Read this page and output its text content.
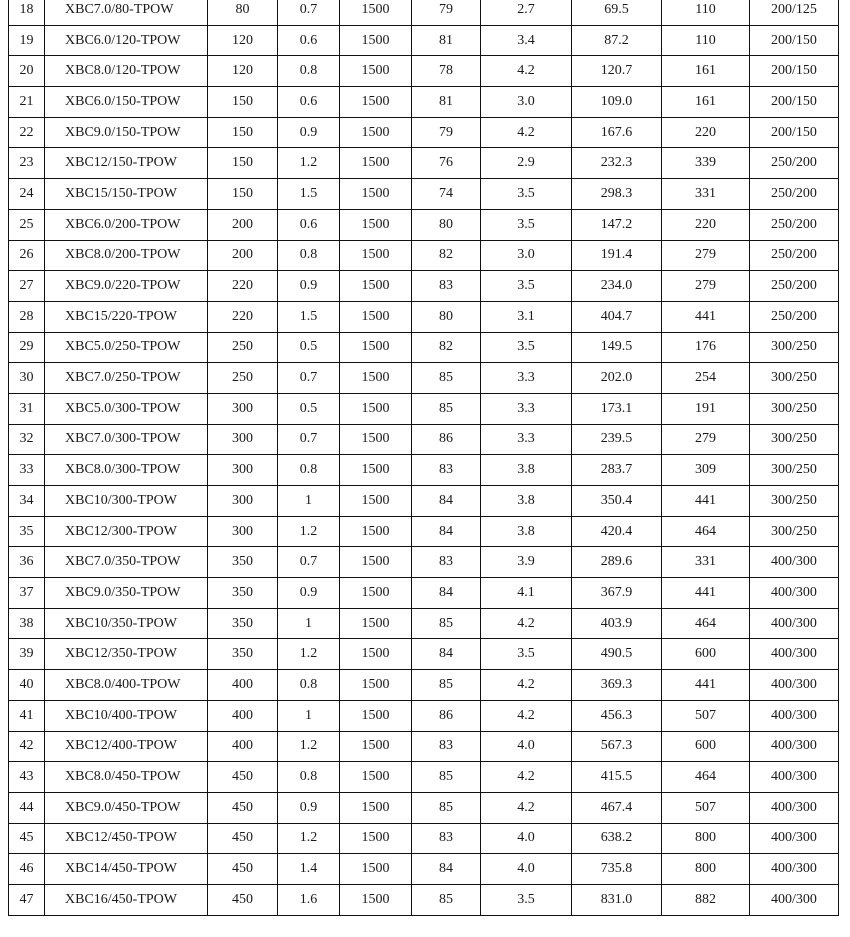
18	XBC7.0/80-TPOW	80	0.7	1500	79	2.7	69.5	110	200/125
19	XBC6.0/120-TPOW	120	0.6	1500	81	3.4	87.2	110	200/150
20	XBC8.0/120-TPOW	120	0.8	1500	78	4.2	120.7	161	200/150
21	XBC6.0/150-TPOW	150	0.6	1500	81	3.0	109.0	161	200/150
22	XBC9.0/150-TPOW	150	0.9	1500	79	4.2	167.6	220	200/150
23	XBC12/150-TPOW	150	1.2	1500	76	2.9	232.3	339	250/200
24	XBC15/150-TPOW	150	1.5	1500	74	3.5	298.3	331	250/200
25	XBC6.0/200-TPOW	200	0.6	1500	80	3.5	147.2	220	250/200
26	XBC8.0/200-TPOW	200	0.8	1500	82	3.0	191.4	279	250/200
27	XBC9.0/220-TPOW	220	0.9	1500	83	3.5	234.0	279	250/200
28	XBC15/220-TPOW	220	1.5	1500	80	3.1	404.7	441	250/200
29	XBC5.0/250-TPOW	250	0.5	1500	82	3.5	149.5	176	300/250
30	XBC7.0/250-TPOW	250	0.7	1500	85	3.3	202.0	254	300/250
31	XBC5.0/300-TPOW	300	0.5	1500	85	3.3	173.1	191	300/250
32	XBC7.0/300-TPOW	300	0.7	1500	86	3.3	239.5	279	300/250
33	XBC8.0/300-TPOW	300	0.8	1500	83	3.8	283.7	309	300/250
34	XBC10/300-TPOW	300	1	1500	84	3.8	350.4	441	300/250
35	XBC12/300-TPOW	300	1.2	1500	84	3.8	420.4	464	300/250
36	XBC7.0/350-TPOW	350	0.7	1500	83	3.9	289.6	331	400/300
37	XBC9.0/350-TPOW	350	0.9	1500	84	4.1	367.9	441	400/300
38	XBC10/350-TPOW	350	1	1500	85	4.2	403.9	464	400/300
39	XBC12/350-TPOW	350	1.2	1500	84	3.5	490.5	600	400/300
40	XBC8.0/400-TPOW	400	0.8	1500	85	4.2	369.3	441	400/300
41	XBC10/400-TPOW	400	1	1500	86	4.2	456.3	507	400/300
42	XBC12/400-TPOW	400	1.2	1500	83	4.0	567.3	600	400/300
43	XBC8.0/450-TPOW	450	0.8	1500	85	4.2	415.5	464	400/300
44	XBC9.0/450-TPOW	450	0.9	1500	85	4.2	467.4	507	400/300
45	XBC12/450-TPOW	450	1.2	1500	83	4.0	638.2	800	400/300
46	XBC14/450-TPOW	450	1.4	1500	84	4.0	735.8	800	400/300
47	XBC16/450-TPOW	450	1.6	1500	85	3.5	831.0	882	400/300
